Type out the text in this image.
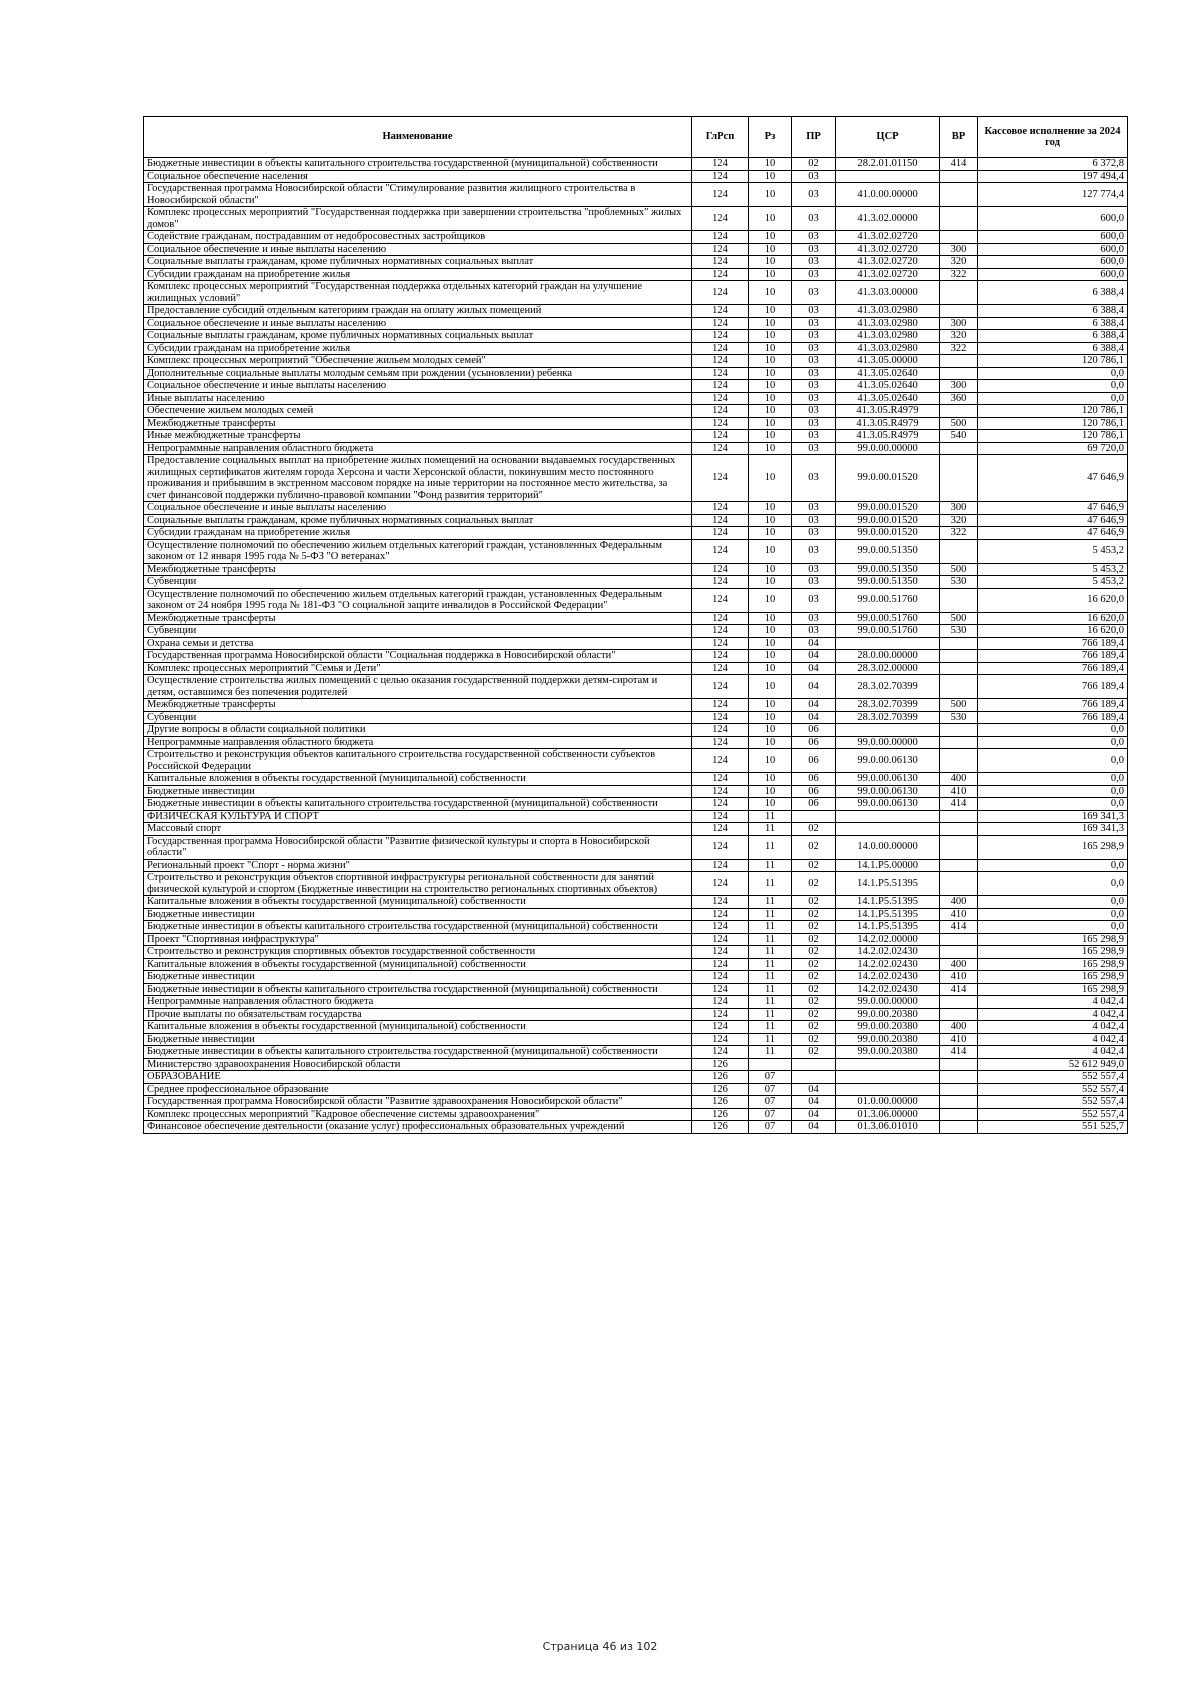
Наименование	ГлРсп	Рз	ПР	ЦСР	ВР	Кассовое исполнение за 2024 год
Бюджетные инвестиции в объекты капитального строительства государственной (муниципальной) собственности	124	10	02	28.2.01.01150	414	6 372,8
Социальное обеспечение населения	124	10	03			197 494,4
Государственная программа Новосибирской области "Стимулирование развития жилищного строительства в Новосибирской области"	124	10	03	41.0.00.00000		127 774,4
Комплекс процессных мероприятий "Государственная поддержка при завершении строительства "проблемных" жилых домов"	124	10	03	41.3.02.00000		600,0
Содействие гражданам, пострадавшим от недобросовестных застройщиков	124	10	03	41.3.02.02720		600,0
Социальное обеспечение и иные выплаты населению	124	10	03	41.3.02.02720	300	600,0
Социальные выплаты гражданам, кроме публичных нормативных социальных выплат	124	10	03	41.3.02.02720	320	600,0
Субсидии гражданам на приобретение жилья	124	10	03	41.3.02.02720	322	600,0
Комплекс процессных мероприятий "Государственная поддержка отдельных категорий граждан на улучшение жилищных условий"	124	10	03	41.3.03.00000		6 388,4
Предоставление субсидий отдельным категориям граждан на оплату жилых помещений	124	10	03	41.3.03.02980		6 388,4
Социальное обеспечение и иные выплаты населению	124	10	03	41.3.03.02980	300	6 388,4
Социальные выплаты гражданам, кроме публичных нормативных социальных выплат	124	10	03	41.3.03.02980	320	6 388,4
Субсидии гражданам на приобретение жилья	124	10	03	41.3.03.02980	322	6 388,4
Комплекс процессных мероприятий "Обеспечение жильем молодых семей"	124	10	03	41.3.05.00000		120 786,1
Дополнительные социальные выплаты молодым семьям при рождении (усыновлении) ребенка	124	10	03	41.3.05.02640		0,0
Социальное обеспечение и иные выплаты населению	124	10	03	41.3.05.02640	300	0,0
Иные выплаты населению	124	10	03	41.3.05.02640	360	0,0
Обеспечение жильем молодых семей	124	10	03	41.3.05.R4979		120 786,1
Межбюджетные трансферты	124	10	03	41.3.05.R4979	500	120 786,1
Иные межбюджетные трансферты	124	10	03	41.3.05.R4979	540	120 786,1
Непрограммные направления областного бюджета	124	10	03	99.0.00.00000		69 720,0
Предоставление социальных выплат на приобретение жилых помещений на основании выдаваемых государственных жилищных сертификатов жителям города Херсона и части Херсонской области, покинувшим место постоянного проживания и прибывшим в экстренном массовом порядке на иные территории на постоянное место жительства, за счет финансовой поддержки публично-правовой компании "Фонд развития территорий"	124	10	03	99.0.00.01520		47 646,9
Социальное обеспечение и иные выплаты населению	124	10	03	99.0.00.01520	300	47 646,9
Социальные выплаты гражданам, кроме публичных нормативных социальных выплат	124	10	03	99.0.00.01520	320	47 646,9
Субсидии гражданам на приобретение жилья	124	10	03	99.0.00.01520	322	47 646,9
Осуществление полномочий по обеспечению жильем отдельных категорий граждан, установленных Федеральным законом от 12 января 1995 года № 5-ФЗ "О ветеранах"	124	10	03	99.0.00.51350		5 453,2
Межбюджетные трансферты	124	10	03	99.0.00.51350	500	5 453,2
Субвенции	124	10	03	99.0.00.51350	530	5 453,2
Осуществление полномочий по обеспечению жильем отдельных категорий граждан, установленных Федеральным законом от 24 ноября 1995 года № 181-ФЗ "О социальной защите инвалидов в Российской Федерации"	124	10	03	99.0.00.51760		16 620,0
Межбюджетные трансферты	124	10	03	99.0.00.51760	500	16 620,0
Субвенции	124	10	03	99.0.00.51760	530	16 620,0
Охрана семьи и детства	124	10	04			766 189,4
Государственная программа Новосибирской области "Социальная поддержка в Новосибирской области"	124	10	04	28.0.00.00000		766 189,4
Комплекс процессных мероприятий "Семья и Дети"	124	10	04	28.3.02.00000		766 189,4
Осуществление строительства жилых помещений с целью оказания государственной поддержки детям-сиротам и детям, оставшимся без попечения родителей	124	10	04	28.3.02.70399		766 189,4
Межбюджетные трансферты	124	10	04	28.3.02.70399	500	766 189,4
Субвенции	124	10	04	28.3.02.70399	530	766 189,4
Другие вопросы в области социальной политики	124	10	06			0,0
Непрограммные направления областного бюджета	124	10	06	99.0.00.00000		0,0
Строительство и реконструкция объектов капитального строительства государственной собственности субъектов Российской Федерации	124	10	06	99.0.00.06130		0,0
Капитальные вложения в объекты государственной (муниципальной) собственности	124	10	06	99.0.00.06130	400	0,0
Бюджетные инвестиции	124	10	06	99.0.00.06130	410	0,0
Бюджетные инвестиции в объекты капитального строительства государственной (муниципальной) собственности	124	10	06	99.0.00.06130	414	0,0
ФИЗИЧЕСКАЯ КУЛЬТУРА И СПОРТ	124	11				169 341,3
Массовый спорт	124	11	02			169 341,3
Государственная программа Новосибирской области "Развитие физической культуры и спорта в Новосибирской области"	124	11	02	14.0.00.00000		165 298,9
Региональный проект "Спорт - норма жизни"	124	11	02	14.1.P5.00000		0,0
Строительство и реконструкция объектов спортивной инфраструктуры региональной собственности для занятий физической культурой и спортом (Бюджетные инвестиции на строительство региональных спортивных объектов)	124	11	02	14.1.P5.51395		0,0
Капитальные вложения в объекты государственной (муниципальной) собственности	124	11	02	14.1.P5.51395	400	0,0
Бюджетные инвестиции	124	11	02	14.1.P5.51395	410	0,0
Бюджетные инвестиции в объекты капитального строительства государственной (муниципальной) собственности	124	11	02	14.1.P5.51395	414	0,0
Проект "Спортивная инфраструктура"	124	11	02	14.2.02.00000		165 298,9
Строительство и реконструкция спортивных объектов государственной собственности	124	11	02	14.2.02.02430		165 298,9
Капитальные вложения в объекты государственной (муниципальной) собственности	124	11	02	14.2.02.02430	400	165 298,9
Бюджетные инвестиции	124	11	02	14.2.02.02430	410	165 298,9
Бюджетные инвестиции в объекты капитального строительства государственной (муниципальной) собственности	124	11	02	14.2.02.02430	414	165 298,9
Непрограммные направления областного бюджета	124	11	02	99.0.00.00000		4 042,4
Прочие выплаты по обязательствам государства	124	11	02	99.0.00.20380		4 042,4
Капитальные вложения в объекты государственной (муниципальной) собственности	124	11	02	99.0.00.20380	400	4 042,4
Бюджетные инвестиции	124	11	02	99.0.00.20380	410	4 042,4
Бюджетные инвестиции в объекты капитального строительства государственной (муниципальной) собственности	124	11	02	99.0.00.20380	414	4 042,4
Министерство здравоохранения Новосибирской области	126					52 612 949,0
ОБРАЗОВАНИЕ	126	07				552 557,4
Среднее профессиональное образование	126	07	04			552 557,4
Государственная программа Новосибирской области "Развитие здравоохранения Новосибирской области"	126	07	04	01.0.00.00000		552 557,4
Комплекс процессных мероприятий "Кадровое обеспечение системы здравоохранения"	126	07	04	01.3.06.00000		552 557,4
Финансовое обеспечение деятельности (оказание услуг) профессиональных образовательных учреждений	126	07	04	01.3.06.01010		551 525,7
Страница 46 из 102
